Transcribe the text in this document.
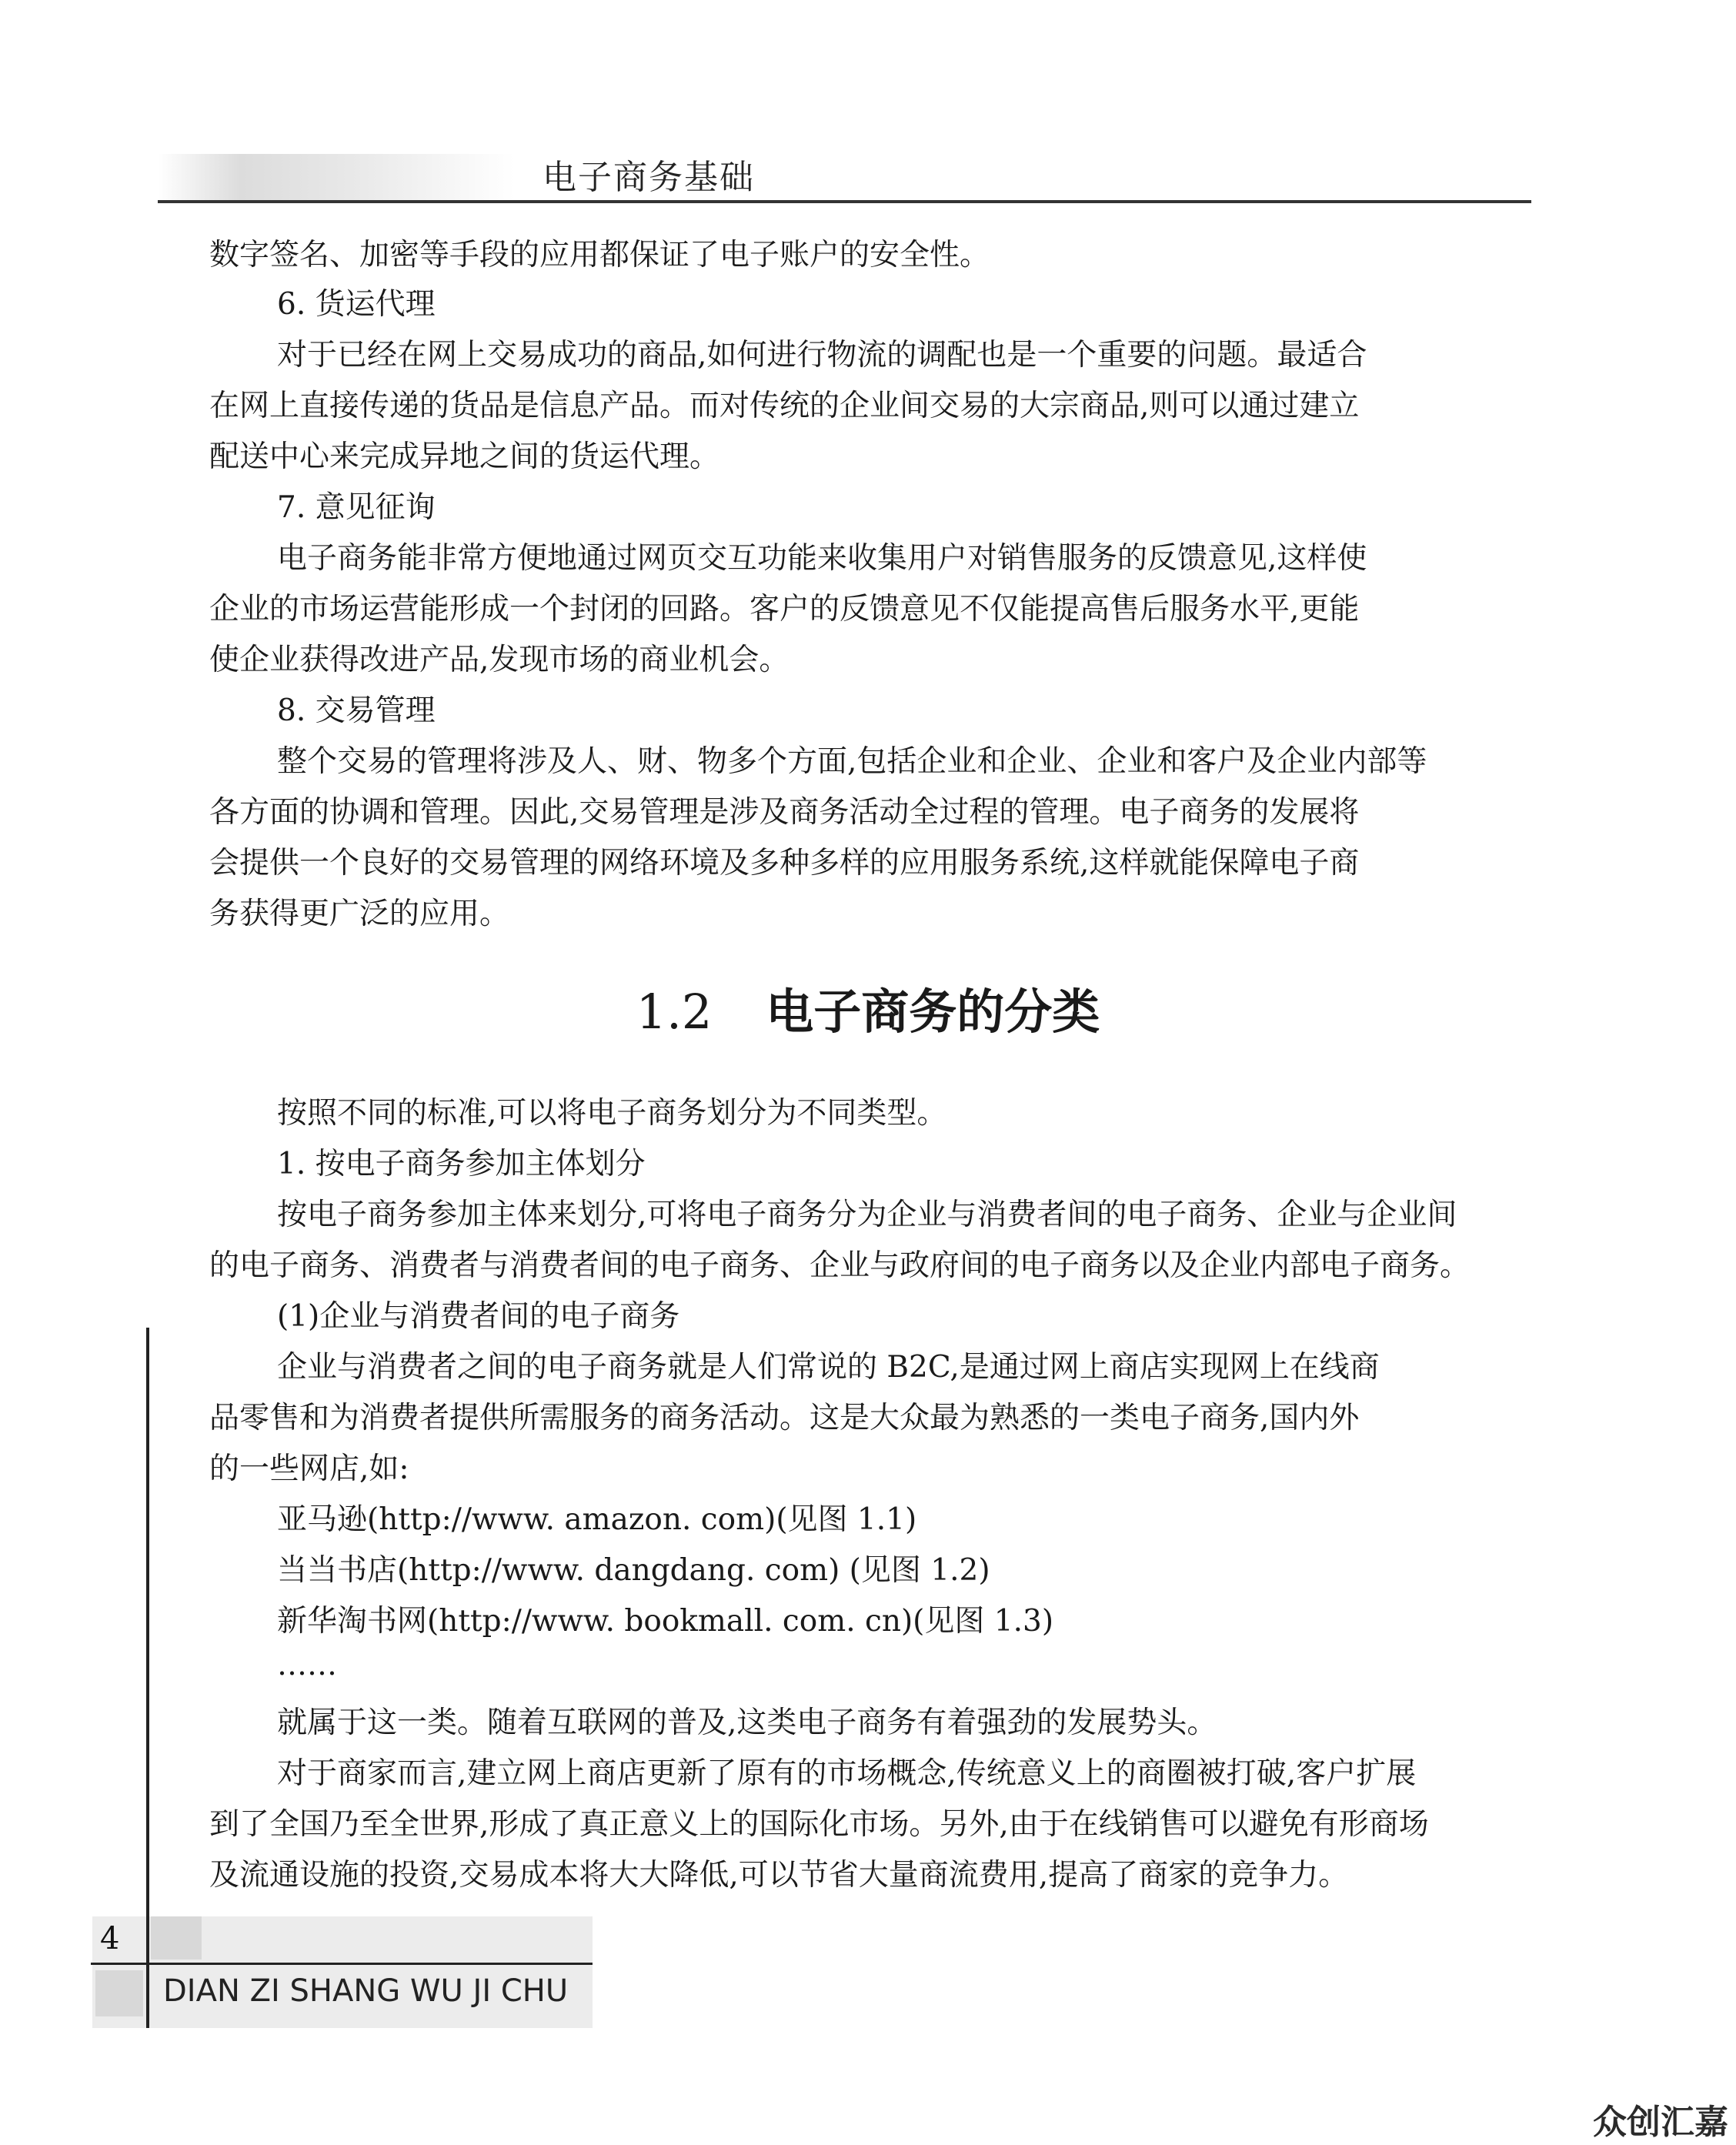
电子商务基础
数字签名、加密等手段的应用都保证了电子账户的安全性。
6. 货运代理
对于已经在网上交易成功的商品,如何进行物流的调配也是一个重要的问题。最适合
在网上直接传递的货品是信息产品。而对传统的企业间交易的大宗商品,则可以通过建立
配送中心来完成异地之间的货运代理。
7. 意见征询
电子商务能非常方便地通过网页交互功能来收集用户对销售服务的反馈意见,这样使
企业的市场运营能形成一个封闭的回路。客户的反馈意见不仅能提高售后服务水平,更能
使企业获得改进产品,发现市场的商业机会。
8. 交易管理
整个交易的管理将涉及人、财、物多个方面,包括企业和企业、企业和客户及企业内部等
各方面的协调和管理。因此,交易管理是涉及商务活动全过程的管理。电子商务的发展将
会提供一个良好的交易管理的网络环境及多种多样的应用服务系统,这样就能保障电子商
务获得更广泛的应用。
1.2 电子商务的分类
按照不同的标准,可以将电子商务划分为不同类型。
1. 按电子商务参加主体划分
按电子商务参加主体来划分,可将电子商务分为企业与消费者间的电子商务、企业与企业间
的电子商务、消费者与消费者间的电子商务、企业与政府间的电子商务以及企业内部电子商务。
(1)企业与消费者间的电子商务
企业与消费者之间的电子商务就是人们常说的 B2C,是通过网上商店实现网上在线商
品零售和为消费者提供所需服务的商务活动。这是大众最为熟悉的一类电子商务,国内外
的一些网店,如:
亚马逊(http://www. amazon. com)(见图 1.1)
当当书店(http://www. dangdang. com) (见图 1.2)
新华淘书网(http://www. bookmall. com. cn)(见图 1.3)
……
就属于这一类。随着互联网的普及,这类电子商务有着强劲的发展势头。
对于商家而言,建立网上商店更新了原有的市场概念,传统意义上的商圈被打破,客户扩展
到了全国乃至全世界,形成了真正意义上的国际化市场。另外,由于在线销售可以避免有形商场
及流通设施的投资,交易成本将大大降低,可以节省大量商流费用,提高了商家的竞争力。
4
DIAN ZI SHANG WU JI CHU
众创汇嘉
